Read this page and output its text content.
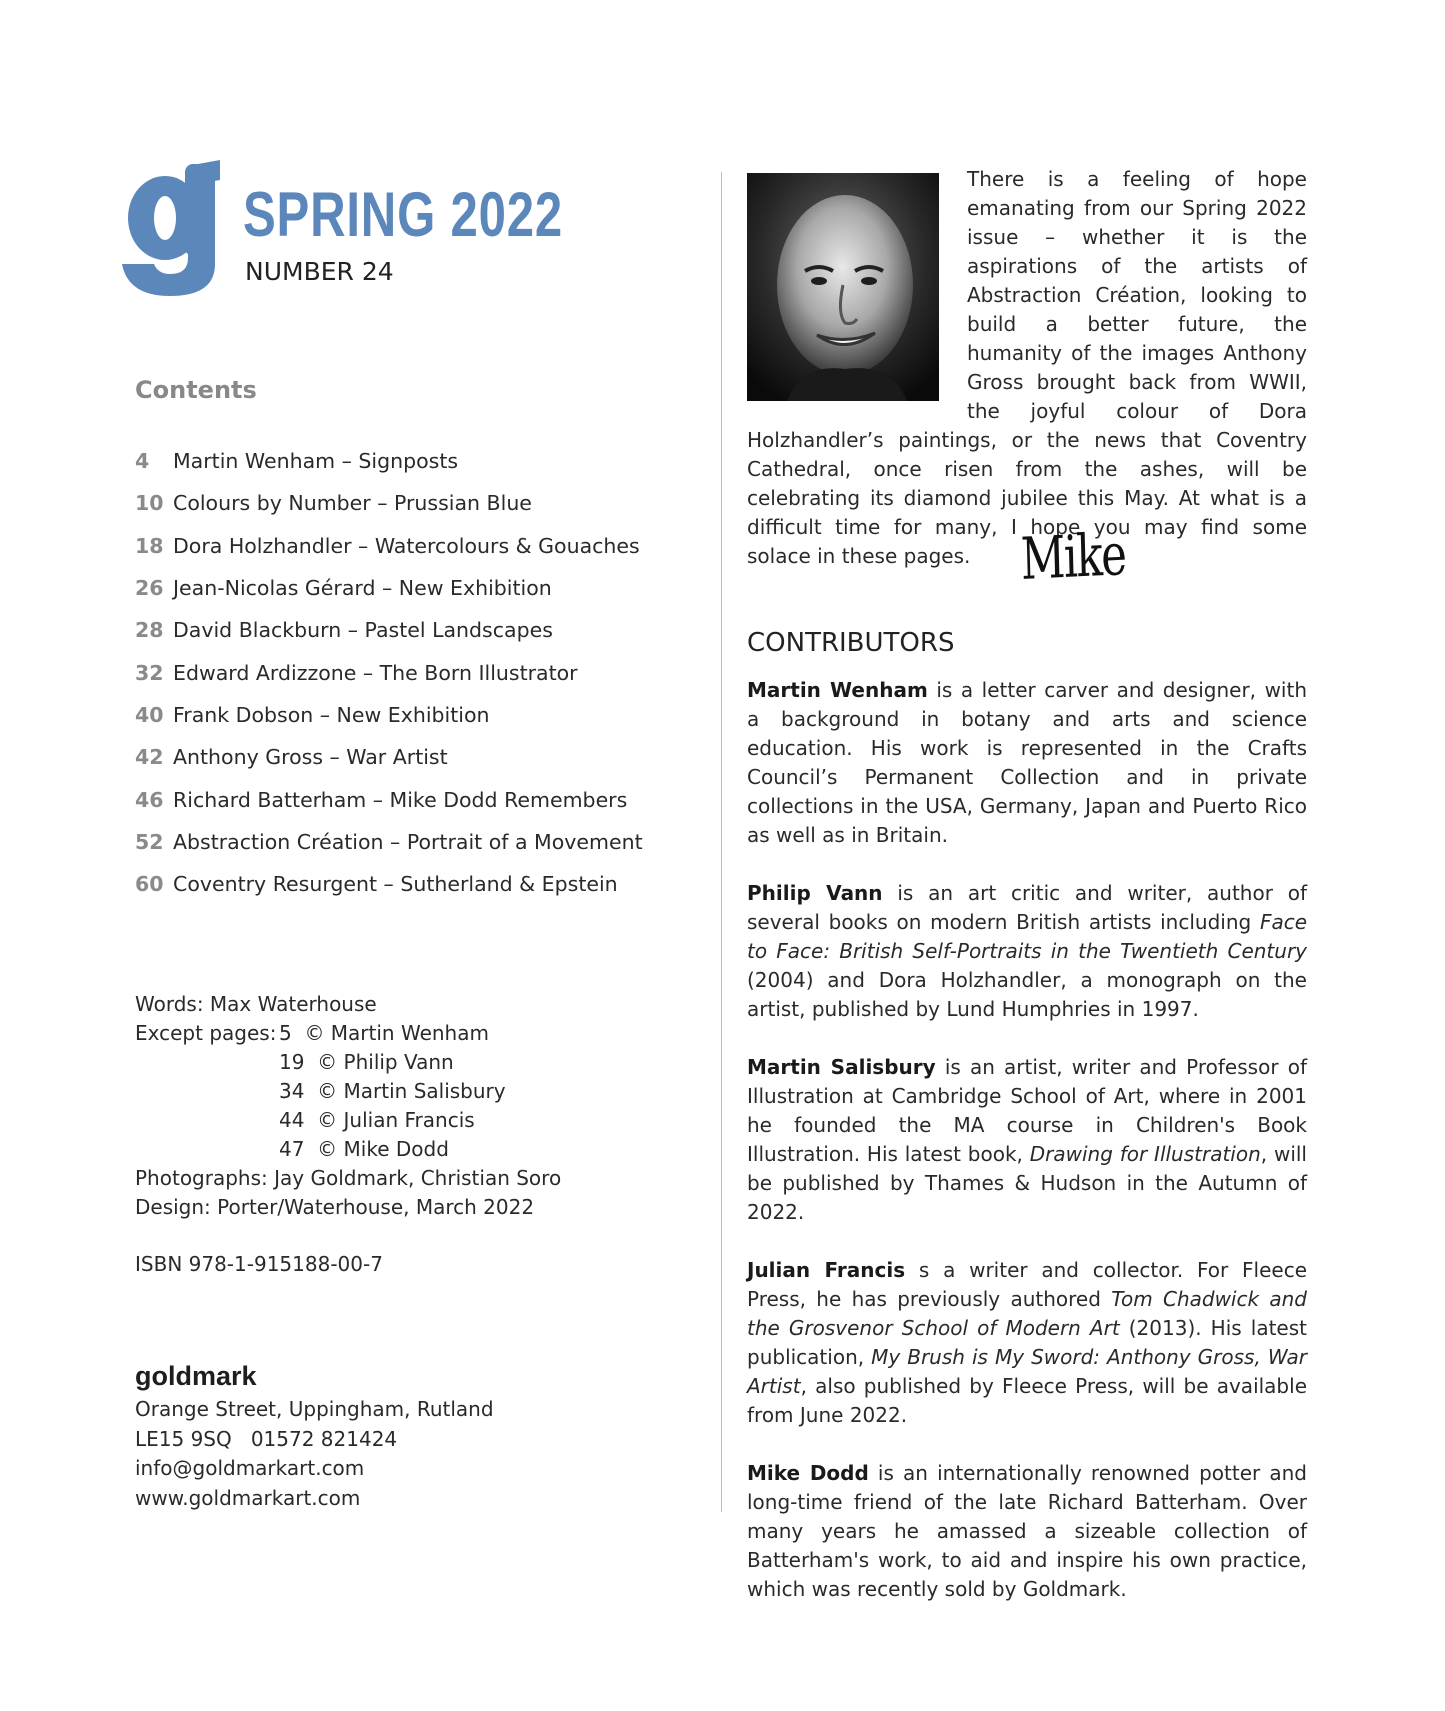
SPRING 2022
NUMBER 24
Contents
4	Martin Wenham – Signposts
10 Colours by Number – Prussian Blue
18 Dora Holzhandler – Watercolours & Gouaches
26 Jean-Nicolas Gérard – New Exhibition
28 David Blackburn – Pastel Landscapes
32 Edward Ardizzone – The Born Illustrator
40 Frank Dobson – New Exhibition
42 Anthony Gross – War Artist
46 Richard Batterham – Mike Dodd Remembers
52 Abstraction Création – Portrait of a Movement
60 Coventry Resurgent – Sutherland & Epstein
Words: Max Waterhouse
Except pages: 5  © Martin Wenham
19  © Philip Vann
34  © Martin Salisbury
44  © Julian Francis
47  © Mike Dodd
Photographs: Jay Goldmark, Christian Soro
Design: Porter/Waterhouse, March 2022
ISBN 978-1-915188-00-7
goldmark
Orange Street, Uppingham, Rutland
LE15 9SQ   01572 821424
info@goldmarkart.com
www.goldmarkart.com
There is a feeling of hope emanating from our Spring 2022 issue – whether it is the aspirations of the artists of Abstraction Création, looking to build a better future, the humanity of the images Anthony Gross brought back from WWII, the joyful colour of Dora Holzhandler’s paintings, or the news that Coventry Cathedral, once risen from the ashes, will be celebrating its diamond jubilee this May. At what is a difficult time for many, I hope you may find some solace in these pages. Mike
CONTRIBUTORS

Martin Wenham is a letter carver and designer, with a background in botany and arts and science education. His work is represented in the Crafts Council’s Permanent Collection and in private collections in the USA, Germany, Japan and Puerto Rico as well as in Britain.

Philip Vann is an art critic and writer, author of several books on modern British artists including Face to Face: British Self-Portraits in the Twentieth Century (2004) and Dora Holzhandler, a monograph on the artist, published by Lund Humphries in 1997.

Martin Salisbury is an artist, writer and Professor of Illustration at Cambridge School of Art, where in 2001 he founded the MA course in Children's Book Illustration. His latest book, Drawing for Illustration, will be published by Thames & Hudson in the Autumn of 2022.

Julian Francis s a writer and collector. For Fleece Press, he has previously authored Tom Chadwick and the Grosvenor School of Modern Art (2013). His latest publication, My Brush is My Sword: Anthony Gross, War Artist, also published by Fleece Press, will be available from June 2022.

Mike Dodd is an internationally renowned potter and long-time friend of the late Richard Batterham. Over many years he amassed a sizeable collection of Batterham's work, to aid and inspire his own practice, which was recently sold by Goldmark.
